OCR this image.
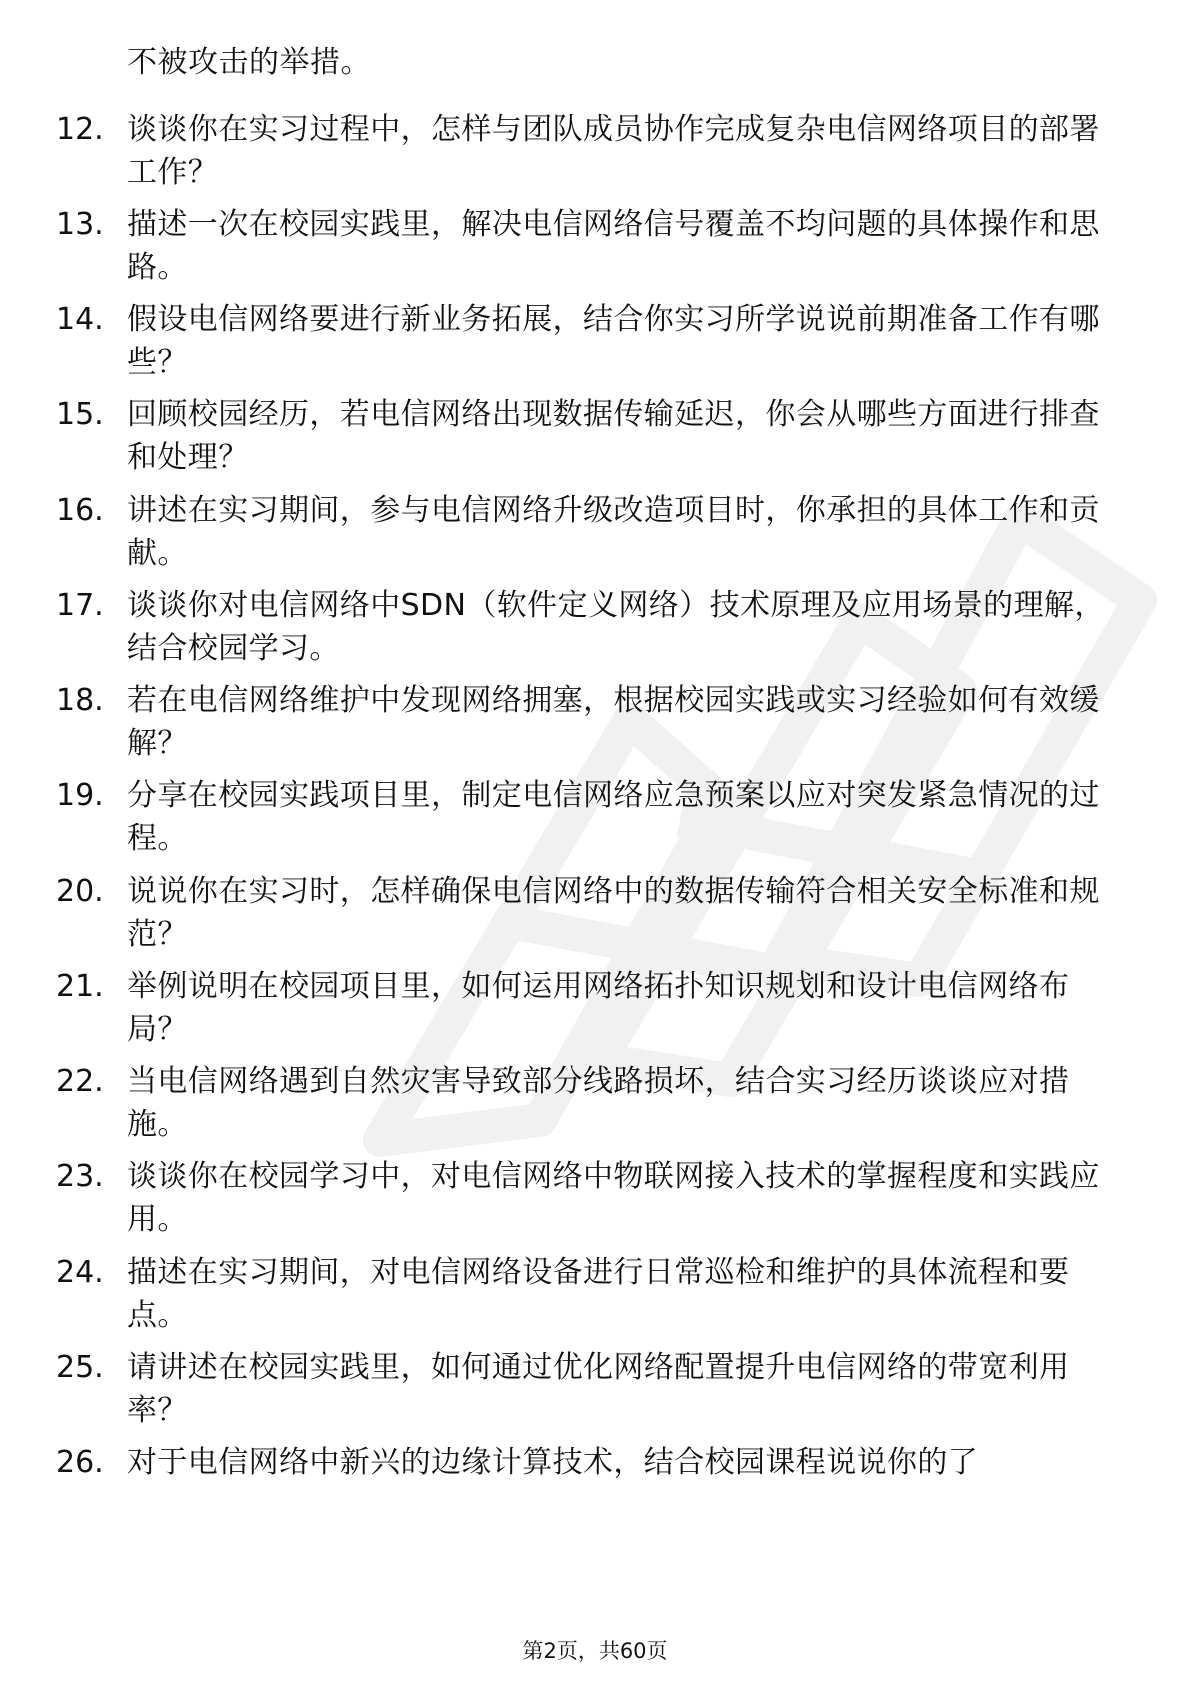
不被攻击的举措。
12. 谈谈你在实习过程中，怎样与团队成员协作完成复杂电信网络项目的部署工作？
13. 描述一次在校园实践里，解决电信网络信号覆盖不均问题的具体操作和思路。
14. 假设电信网络要进行新业务拓展，结合你实习所学说说前期准备工作有哪些？
15. 回顾校园经历，若电信网络出现数据传输延迟，你会从哪些方面进行排查和处理？
16. 讲述在实习期间，参与电信网络升级改造项目时，你承担的具体工作和贡献。
17. 谈谈你对电信网络中SDN（软件定义网络）技术原理及应用场景的理解，结合校园学习。
18. 若在电信网络维护中发现网络拥塞，根据校园实践或实习经验如何有效缓解？
19. 分享在校园实践项目里，制定电信网络应急预案以应对突发紧急情况的过程。
20. 说说你在实习时，怎样确保电信网络中的数据传输符合相关安全标准和规范？
21. 举例说明在校园项目里，如何运用网络拓扑知识规划和设计电信网络布局？
22. 当电信网络遇到自然灾害导致部分线路损坏，结合实习经历谈谈应对措施。
23. 谈谈你在校园学习中，对电信网络中物联网接入技术的掌握程度和实践应用。
24. 描述在实习期间，对电信网络设备进行日常巡检和维护的具体流程和要点。
25. 请讲述在校园实践里，如何通过优化网络配置提升电信网络的带宽利用率？
26. 对于电信网络中新兴的边缘计算技术，结合校园课程说说你的了
第2页，共60页
